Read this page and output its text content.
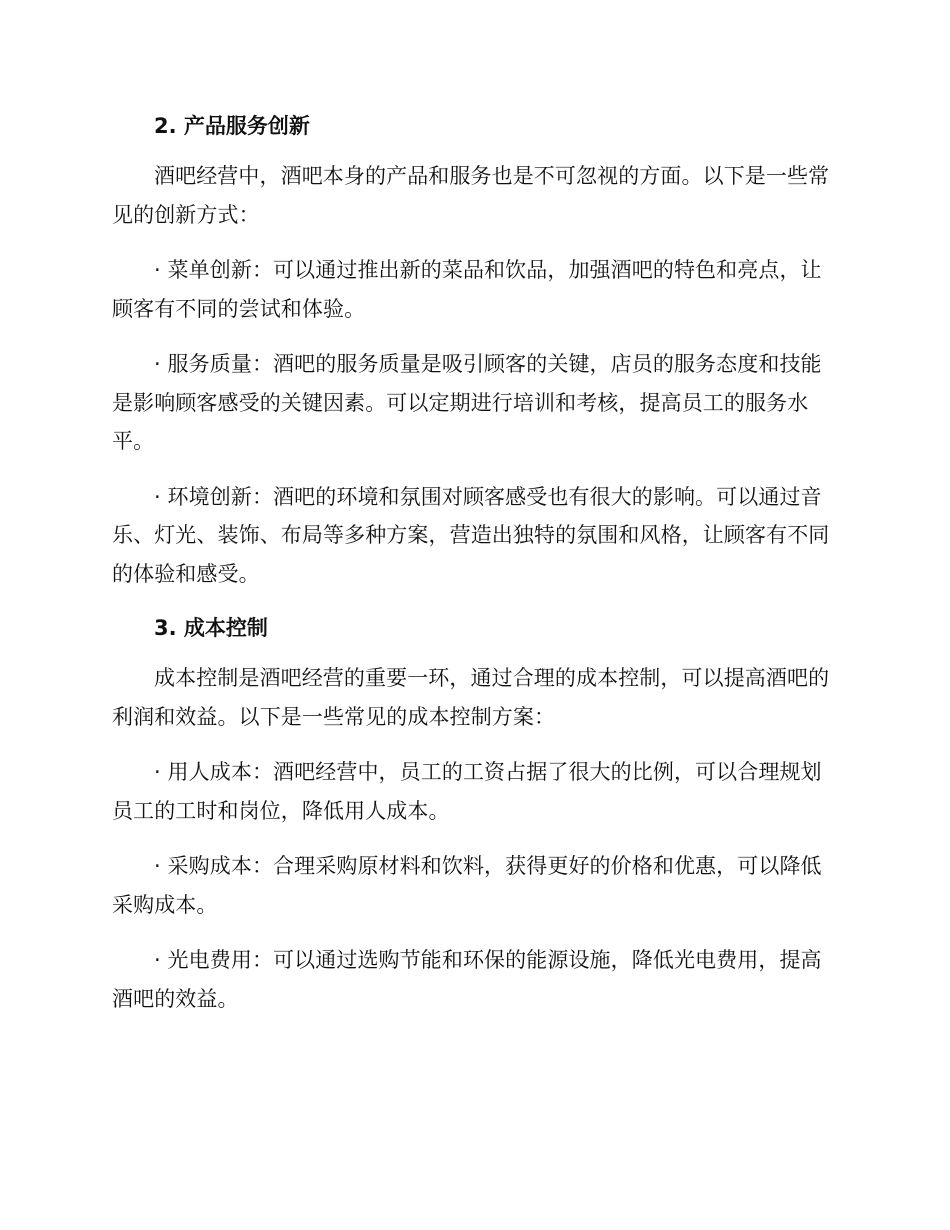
2. 产品服务创新

酒吧经营中，酒吧本身的产品和服务也是不可忽视的方面。以下是一些常见的创新方式：

· 菜单创新：可以通过推出新的菜品和饮品，加强酒吧的特色和亮点，让顾客有不同的尝试和体验。

· 服务质量：酒吧的服务质量是吸引顾客的关键，店员的服务态度和技能是影响顾客感受的关键因素。可以定期进行培训和考核，提高员工的服务水平。

· 环境创新：酒吧的环境和氛围对顾客感受也有很大的影响。可以通过音乐、灯光、装饰、布局等多种方案，营造出独特的氛围和风格，让顾客有不同的体验和感受。

3. 成本控制

成本控制是酒吧经营的重要一环，通过合理的成本控制，可以提高酒吧的利润和效益。以下是一些常见的成本控制方案：

· 用人成本：酒吧经营中，员工的工资占据了很大的比例，可以合理规划员工的工时和岗位，降低用人成本。

· 采购成本：合理采购原材料和饮料，获得更好的价格和优惠，可以降低采购成本。

· 光电费用：可以通过选购节能和环保的能源设施，降低光电费用，提高酒吧的效益。
